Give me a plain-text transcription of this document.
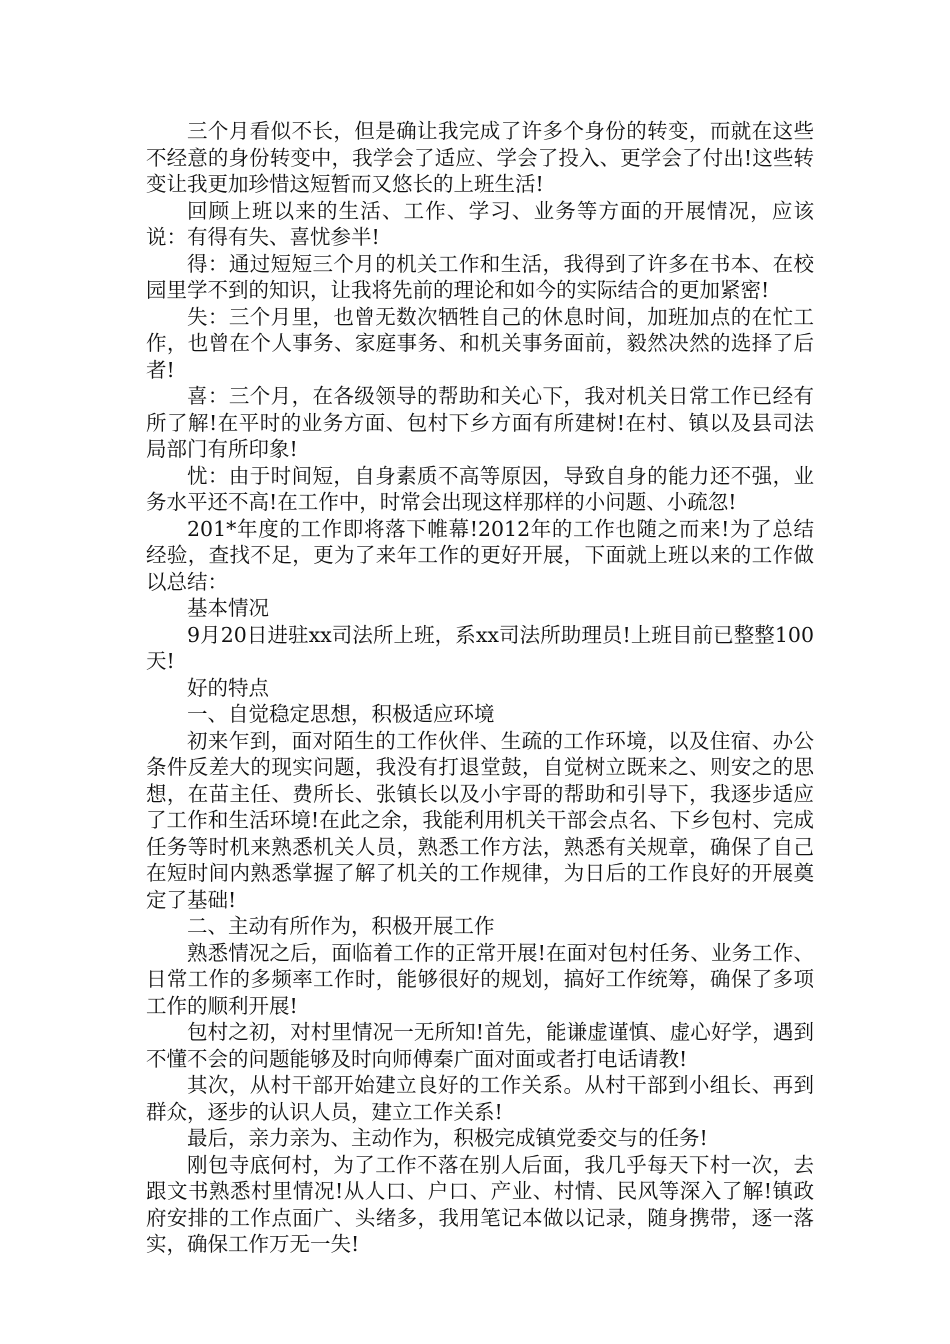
三个月看似不长，但是确让我完成了许多个身份的转变，而就在这些不经意的身份转变中，我学会了适应、学会了投入、更学会了付出!这些转变让我更加珍惜这短暂而又悠长的上班生活!

回顾上班以来的生活、工作、学习、业务等方面的开展情况，应该说：有得有失、喜忧参半!

得：通过短短三个月的机关工作和生活，我得到了许多在书本、在校园里学不到的知识，让我将先前的理论和如今的实际结合的更加紧密!

失：三个月里，也曾无数次牺牲自己的休息时间，加班加点的在忙工作，也曾在个人事务、家庭事务、和机关事务面前，毅然决然的选择了后者!

喜：三个月，在各级领导的帮助和关心下，我对机关日常工作已经有所了解!在平时的业务方面、包村下乡方面有所建树!在村、镇以及县司法局部门有所印象!

忧：由于时间短，自身素质不高等原因，导致自身的能力还不强，业务水平还不高!在工作中，时常会出现这样那样的小问题、小疏忽!

201*年度的工作即将落下帷幕!2012年的工作也随之而来!为了总结经验，查找不足，更为了来年工作的更好开展，下面就上班以来的工作做以总结：

基本情况

9月20日进驻xx司法所上班，系xx司法所助理员!上班目前已整整100天!

好的特点

一、自觉稳定思想，积极适应环境

初来乍到，面对陌生的工作伙伴、生疏的工作环境，以及住宿、办公条件反差大的现实问题，我没有打退堂鼓，自觉树立既来之、则安之的思想，在苗主任、费所长、张镇长以及小宇哥的帮助和引导下，我逐步适应了工作和生活环境!在此之余，我能利用机关干部会点名、下乡包村、完成任务等时机来熟悉机关人员，熟悉工作方法，熟悉有关规章，确保了自己在短时间内熟悉掌握了解了机关的工作规律，为日后的工作良好的开展奠定了基础!

二、主动有所作为，积极开展工作

熟悉情况之后，面临着工作的正常开展!在面对包村任务、业务工作、日常工作的多频率工作时，能够很好的规划，搞好工作统筹，确保了多项工作的顺利开展!

包村之初，对村里情况一无所知!首先，能谦虚谨慎、虚心好学，遇到不懂不会的问题能够及时向师傅秦广面对面或者打电话请教!

其次，从村干部开始建立良好的工作关系。从村干部到小组长、再到群众，逐步的认识人员，建立工作关系!

最后，亲力亲为、主动作为，积极完成镇党委交与的任务!

刚包寺底何村，为了工作不落在别人后面，我几乎每天下村一次，去跟文书熟悉村里情况!从人口、户口、产业、村情、民风等深入了解!镇政府安排的工作点面广、头绪多，我用笔记本做以记录，随身携带，逐一落实，确保工作万无一失!
